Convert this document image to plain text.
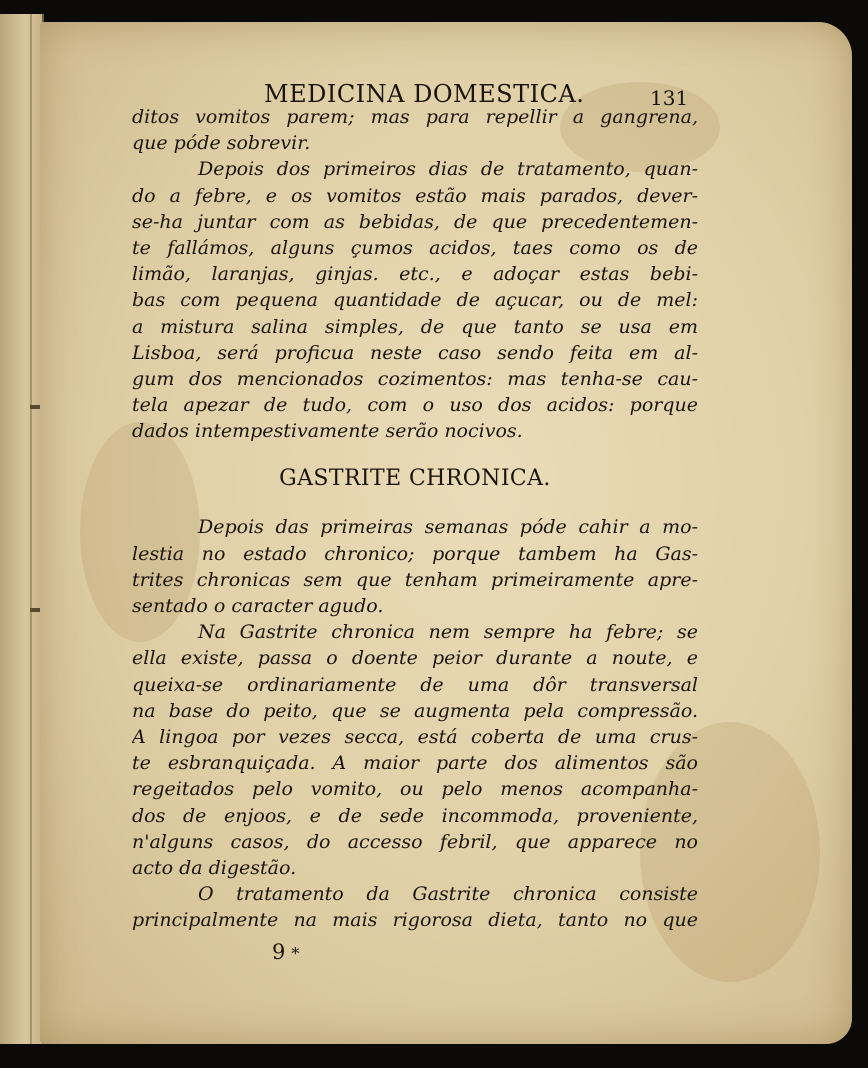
MEDICINA DOMESTICA.	131
ditos vomitos parem; mas para repellir a gangrena,
que póde sobrevir.
Depois dos primeiros dias de tratamento, quan-
do a febre, e os vomitos estão mais parados, dever-
se-ha juntar com as bebidas, de que precedentemen-
te fallámos, alguns çumos acidos, taes como os de
limão, laranjas, ginjas. etc., e adoçar estas bebi-
bas com pequena quantidade de açucar, ou de mel:
a mistura salina simples, de que tanto se usa em
Lisboa, será proficua neste caso sendo feita em al-
gum dos mencionados cozimentos: mas tenha-se cau-
tela apezar de tudo, com o uso dos acidos: porque
dados intempestivamente serão nocivos.
GASTRITE CHRONICA.
Depois das primeiras semanas póde cahir a mo-
lestia no estado chronico; porque tambem ha Gas-
trites chronicas sem que tenham primeiramente apre-
sentado o caracter agudo.
Na Gastrite chronica nem sempre ha febre; se
ella existe, passa o doente peior durante a noute, e
queixa-se ordinariamente de uma dôr transversal
na base do peito, que se augmenta pela compressão.
A lingoa por vezes secca, está coberta de uma crus-
te esbranquiçada. A maior parte dos alimentos são
regeitados pelo vomito, ou pelo menos acompanha-
dos de enjoos, e de sede incommoda, proveniente,
n'alguns casos, do accesso febril, que apparece no
acto da digestão.
O tratamento da Gastrite chronica consiste
principalmente na mais rigorosa dieta, tanto no que
9 *
